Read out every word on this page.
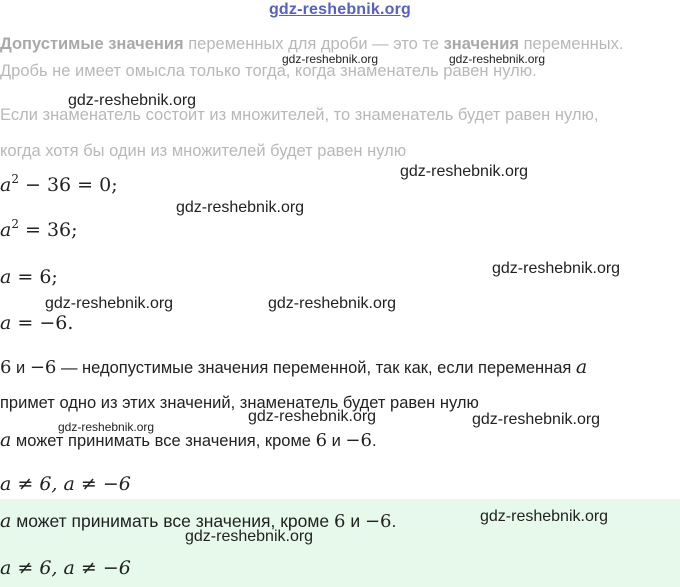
gdz-reshebnik.org
Допустимые значения переменных для дроби — это те значения переменных.
Дробь не имеет омысла только тогда, когда знаменатель равен нулю.
Если знаменатель состоит из множителей, то знаменатель будет равен нулю,
когда хотя бы один из множителей будет равен нулю
$a^2 - 36 = 0$;
$a^2 = 36$;
a = 6;
a = −6.
6 и −6 — недопустимые значения переменной, так как, если переменная a
примет одно из этих значений, знаменатель будет равен нулю
a может принимать все значения, кроме 6 и −6.
a ≠ 6, a ≠ −6
a может принимать все значения, кроме 6 и −6.
a ≠ 6, a ≠ −6
gdz-reshebnik.org	gdz-reshebnik.org
gdz-reshebnik.org
gdz-reshebnik.org
gdz-reshebnik.org
gdz-reshebnik.org
gdz-reshebnik.org	gdz-reshebnik.org
gdz-reshebnik.org
gdz-reshebnik.org	gdz-reshebnik.org
gdz-reshebnik.org
gdz-reshebnik.org
